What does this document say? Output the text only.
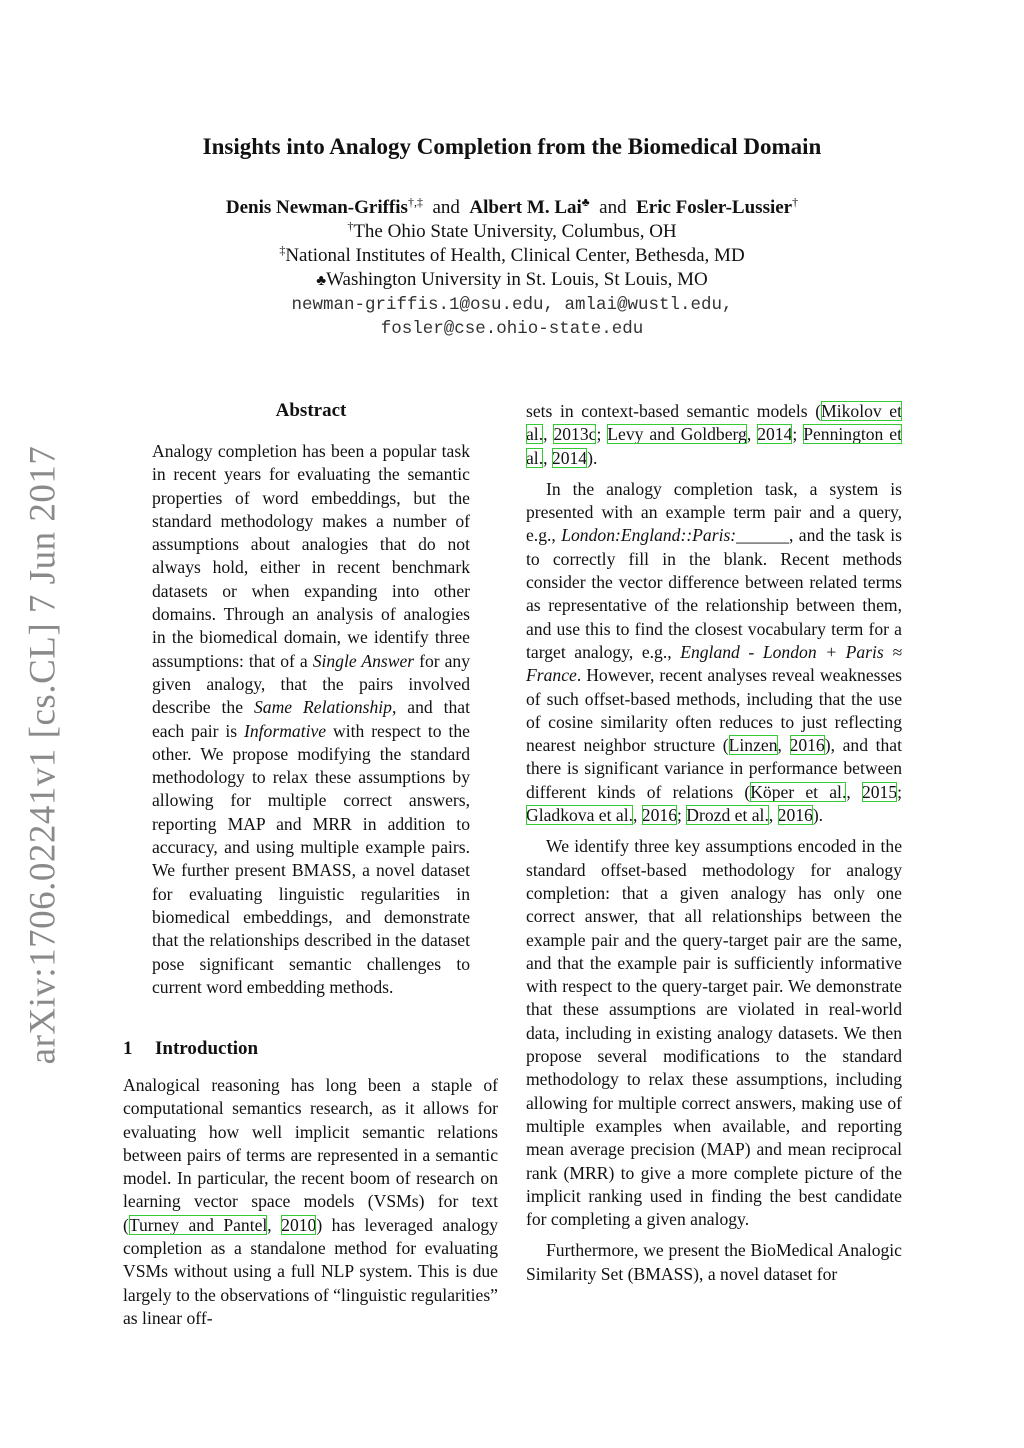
arXiv:1706.02241v1 [cs.CL] 7 Jun 2017
Insights into Analogy Completion from the Biomedical Domain
Denis Newman-Griffis†,‡ and Albert M. Lai♣ and Eric Fosler-Lussier†
†The Ohio State University, Columbus, OH
‡National Institutes of Health, Clinical Center, Bethesda, MD
♣Washington University in St. Louis, St Louis, MO
newman-griffis.1@osu.edu, amlai@wustl.edu,
fosler@cse.ohio-state.edu
Abstract

Analogy completion has been a popular task in recent years for evaluating the semantic properties of word embeddings, but the standard methodology makes a number of assumptions about analogies that do not always hold, either in recent benchmark datasets or when expanding into other domains. Through an analysis of analogies in the biomedical domain, we identify three assumptions: that of a Single Answer for any given analogy, that the pairs involved describe the Same Relationship, and that each pair is Informative with respect to the other. We propose modifying the standard methodology to relax these assumptions by allowing for multiple correct answers, reporting MAP and MRR in addition to accuracy, and using multiple example pairs. We further present BMASS, a novel dataset for evaluating linguistic regularities in biomedical embeddings, and demonstrate that the relationships described in the dataset pose significant semantic challenges to current word embedding methods.

1 Introduction

Analogical reasoning has long been a staple of computational semantics research, as it allows for evaluating how well implicit semantic relations between pairs of terms are represented in a semantic model. In particular, the recent boom of research on learning vector space models (VSMs) for text (Turney and Pantel, 2010) has leveraged analogy completion as a standalone method for evaluating VSMs without using a full NLP system. This is due largely to the observations of “linguistic regularities” as linear off-

sets in context-based semantic models (Mikolov et al., 2013c; Levy and Goldberg, 2014; Pennington et al., 2014).

In the analogy completion task, a system is presented with an example term pair and a query, e.g., London:England::Paris:______, and the task is to correctly fill in the blank. Recent methods consider the vector difference between related terms as representative of the relationship between them, and use this to find the closest vocabulary term for a target analogy, e.g., England - London + Paris ≈ France. However, recent analyses reveal weaknesses of such offset-based methods, including that the use of cosine similarity often reduces to just reflecting nearest neighbor structure (Linzen, 2016), and that there is significant variance in performance between different kinds of relations (Köper et al., 2015; Gladkova et al., 2016; Drozd et al., 2016).

We identify three key assumptions encoded in the standard offset-based methodology for analogy completion: that a given analogy has only one correct answer, that all relationships between the example pair and the query-target pair are the same, and that the example pair is sufficiently informative with respect to the query-target pair. We demonstrate that these assumptions are violated in real-world data, including in existing analogy datasets. We then propose several modifications to the standard methodology to relax these assumptions, including allowing for multiple correct answers, making use of multiple examples when available, and reporting mean average precision (MAP) and mean reciprocal rank (MRR) to give a more complete picture of the implicit ranking used in finding the best candidate for completing a given analogy.

Furthermore, we present the BioMedical Analogic Similarity Set (BMASS), a novel dataset for
